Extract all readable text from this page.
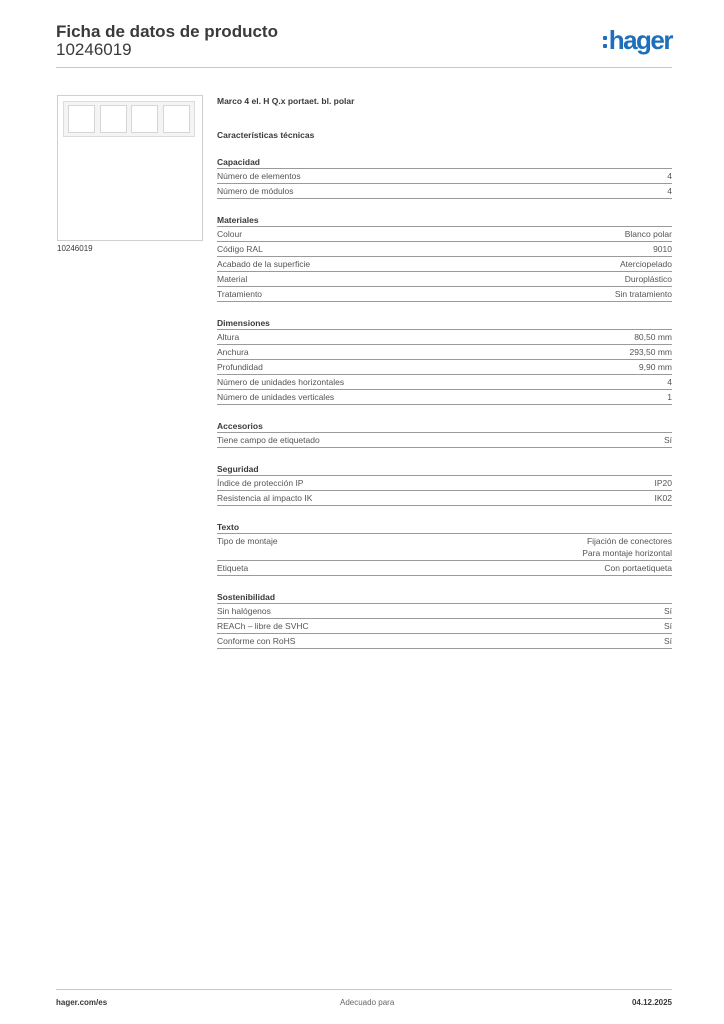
Ficha de datos de producto
10246019	hager
10246019
Marco 4 el. H Q.x portaet. bl. polar
Características técnicas
Capacidad
Número de elementos	4
Número de módulos	4
Materiales
Colour	Blanco polar
Código RAL	9010
Acabado de la superficie	Aterciopelado
Material	Duroplástico
Tratamiento	Sin tratamiento
Dimensiones
Altura	80,50 mm
Anchura	293,50 mm
Profundidad	9,90 mm
Número de unidades horizontales	4
Número de unidades verticales	1
Accesorios
Tiene campo de etiquetado	Sí
Seguridad
Índice de protección IP	IP20
Resistencia al impacto IK	IK02
Texto
Tipo de montaje	Fijación de conectores
Para montaje horizontal
Etiqueta	Con portaetiqueta
Sostenibilidad
Sin halógenos	Sí
REACh – libre de SVHC	Sí
Conforme con RoHS	Sí
hager.com/es	Adecuado para	04.12.2025
